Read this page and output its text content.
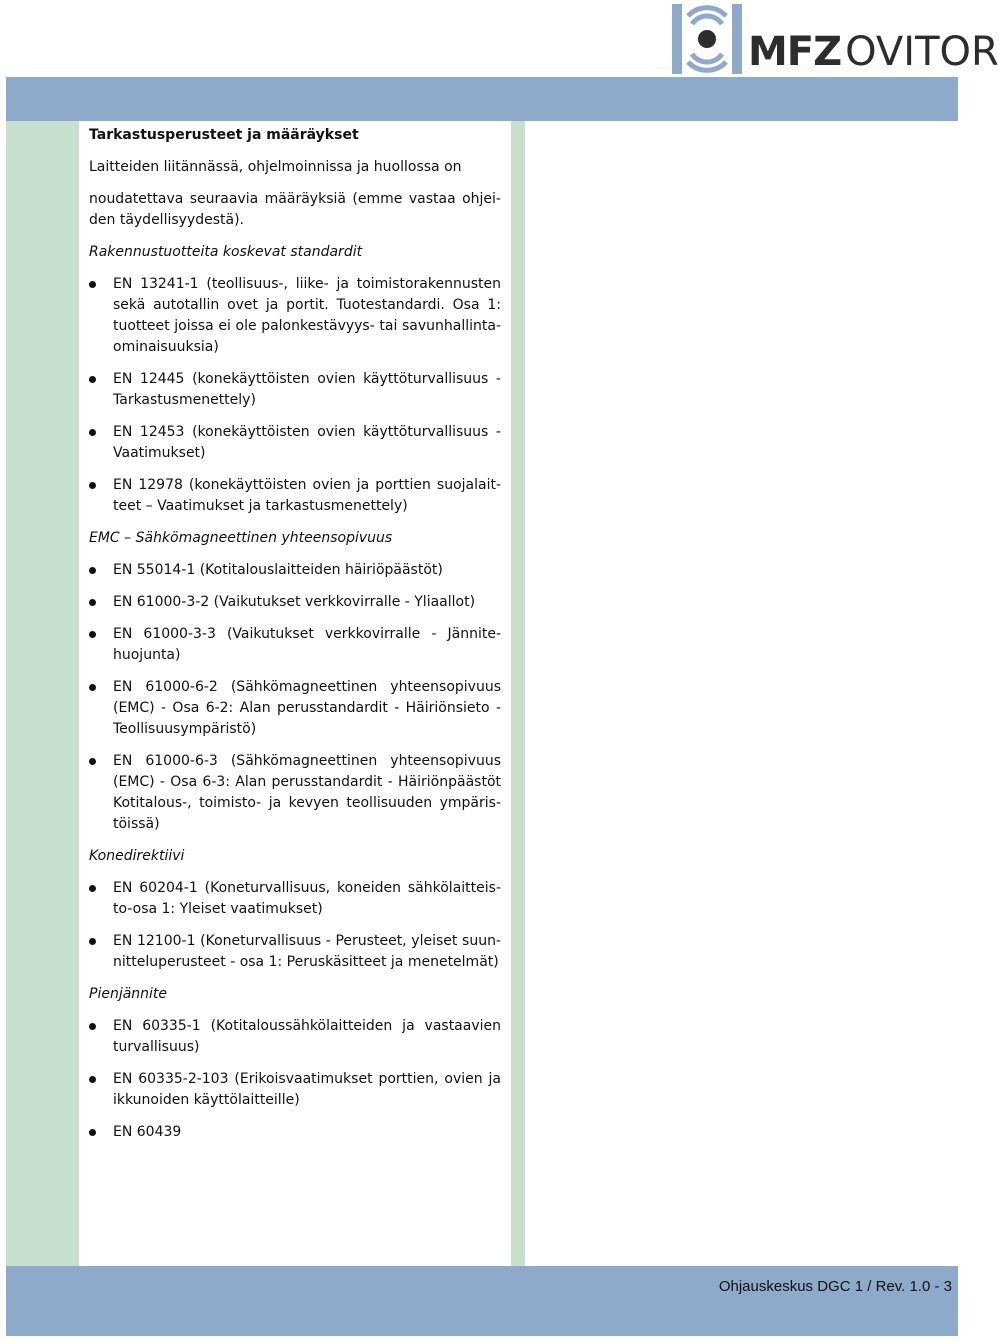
MFZ OVITOR
Ohjauskeskus DGC 1 / Rev. 1.0 - 3

Tarkastusperusteet ja määräykset

Laitteiden liitännässä, ohjelmoinnissa ja huollossa on

noudatettava seuraavia määräyksiä (emme vastaa ohjei-den täydellisyydestä).

Rakennustuotteita koskevat standardit

EN 13241-1 (teollisuus-, liike- ja toimistorakennusten sekä autotallin ovet ja portit. Tuotestandardi. Osa 1: tuotteet joissa ei ole palonkestävyys- tai savunhallinta-ominaisuuksia)
EN 12445 (konekäyttöisten ovien käyttöturvallisuus - Tarkastusmenettely)
EN 12453 (konekäyttöisten ovien käyttöturvallisuus - Vaatimukset)
EN 12978 (konekäyttöisten ovien ja porttien suojalait-teet – Vaatimukset ja tarkastusmenettely)

EMC – Sähkömagneettinen yhteensopivuus

EN 55014-1 (Kotitalouslaitteiden häiriöpäästöt)
EN 61000-3-2 (Vaikutukset verkkovirralle - Yliaallot)
EN 61000-3-3 (Vaikutukset verkkovirralle - Jännite-huojunta)
EN 61000-6-2 (Sähkömagneettinen yhteensopivuus (EMC) - Osa 6-2: Alan perusstandardit - Häiriönsieto - Teollisuusympäristö)
EN 61000-6-3 (Sähkömagneettinen yhteensopivuus (EMC) - Osa 6-3: Alan perusstandardit - Häiriönpäästöt Kotitalous-, toimisto- ja kevyen teollisuuden ympäris-töissä)

Konedirektiivi

EN 60204-1 (Koneturvallisuus, koneiden sähkölaitteis-to-osa 1: Yleiset vaatimukset)
EN 12100-1 (Koneturvallisuus - Perusteet, yleiset suun-nitteluperusteet - osa 1: Peruskäsitteet ja menetelmät)

Pienjännite

EN 60335-1 (Kotitaloussähkölaitteiden ja vastaavien turvallisuus)
EN 60335-2-103 (Erikoisvaatimukset porttien, ovien ja ikkunoiden käyttölaitteille)
EN 60439
